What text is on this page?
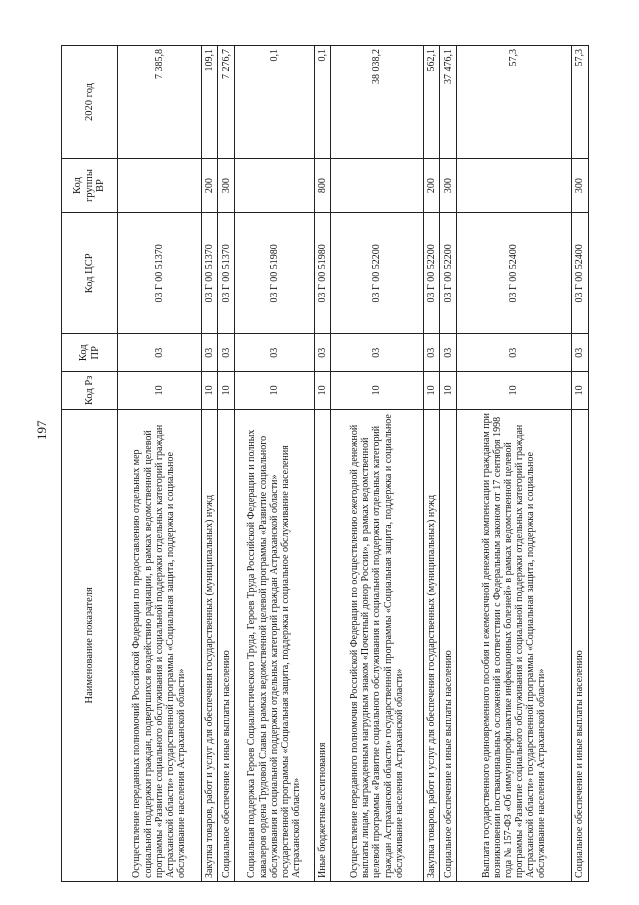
197
Наименование показателя	Код Рз	Код ПР	Код ЦСР	Код группы ВР	2020 год
Осуществление переданных полномочий Российской Федерации по предоставлению отдельных мер социальной поддержки граждан, подвергшихся воздействию радиации, в рамках ведомственной целевой программы «Развитие социального обслуживания и социальной поддержки отдельных категорий граждан Астраханской области» государственной программы «Социальная защита, поддержка и социальное обслуживание населения Астраханской области»	10	03	03 Г 00 51370		7 385,8
Закупка товаров, работ и услуг для обеспечения государственных (муниципальных) нужд	10	03	03 Г 00 51370	200	109,1
Социальное обеспечение и иные выплаты населению	10	03	03 Г 00 51370	300	7 276,7
Социальная поддержка Героев Социалистического Труда, Героев Труда Российской Федерации и полных кавалеров ордена Трудовой Славы в рамках ведомственной целевой программы «Развитие социального обслуживания и социальной поддержки отдельных категорий граждан Астраханской области» государственной программы «Социальная защита, поддержка и социальное обслуживание населения Астраханской области»	10	03	03 Г 00 51980		0,1
Иные бюджетные ассигнования	10	03	03 Г 00 51980	800	0,1
Осуществление переданного полномочия Российской Федерации по осуществлению ежегодной денежной выплаты лицам, награжденным нагрудным знаком «Почетный донор России», в рамках ведомственной целевой программы «Развитие социального обслуживания и социальной поддержки отдельных категорий граждан Астраханской области» государственной программы «Социальная защита, поддержка и социальное обслуживание населения Астраханской области»	10	03	03 Г 00 52200		38 038,2
Закупка товаров, работ и услуг для обеспечения государственных (муниципальных) нужд	10	03	03 Г 00 52200	200	562,1
Социальное обеспечение и иные выплаты населению	10	03	03 Г 00 52200	300	37 476,1
Выплата государственного единовременного пособия и ежемесячной денежной компенсации гражданам при возникновении поствакцинальных осложнений в соответствии с Федеральным законом от 17 сентября 1998 года № 157-ФЗ «Об иммунопрофилактике инфекционных болезней» в рамках ведомственной целевой программы «Развитие социального обслуживания и социальной поддержки отдельных категорий граждан Астраханской области» государственной программы «Социальная защита, поддержка и социальное обслуживание населения Астраханской области»	10	03	03 Г 00 52400		57,3
Социальное обеспечение и иные выплаты населению	10	03	03 Г 00 52400	300	57,3
